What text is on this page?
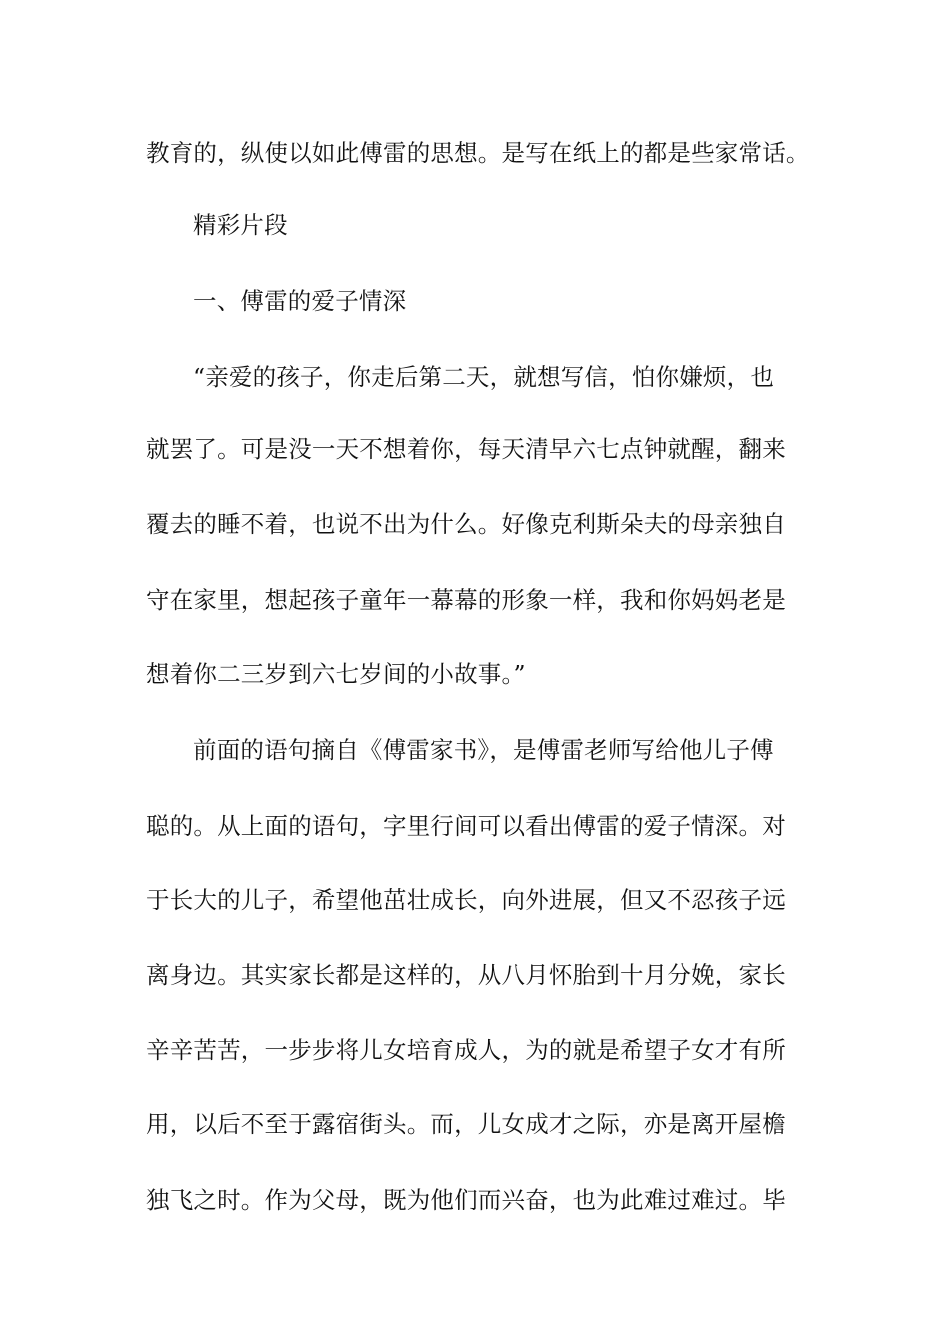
教育的，纵使以如此傅雷的思想。是写在纸上的都是些家常话。
精彩片段
一、傅雷的爱子情深
“亲爱的孩子，你走后第二天，就想写信，怕你嫌烦，也
就罢了。可是没一天不想着你，每天清早六七点钟就醒，翻来
覆去的睡不着，也说不出为什么。好像克利斯朵夫的母亲独自
守在家里，想起孩子童年一幕幕的形象一样，我和你妈妈老是
想着你二三岁到六七岁间的小故事。”
前面的语句摘自《傅雷家书》，是傅雷老师写给他儿子傅
聪的。从上面的语句，字里行间可以看出傅雷的爱子情深。对
于长大的儿子，希望他茁壮成长，向外进展，但又不忍孩子远
离身边。其实家长都是这样的，从八月怀胎到十月分娩，家长
辛辛苦苦，一步步将儿女培育成人，为的就是希望子女才有所
用，以后不至于露宿街头。而，儿女成才之际，亦是离开屋檐
独飞之时。作为父母，既为他们而兴奋，也为此难过难过。毕
